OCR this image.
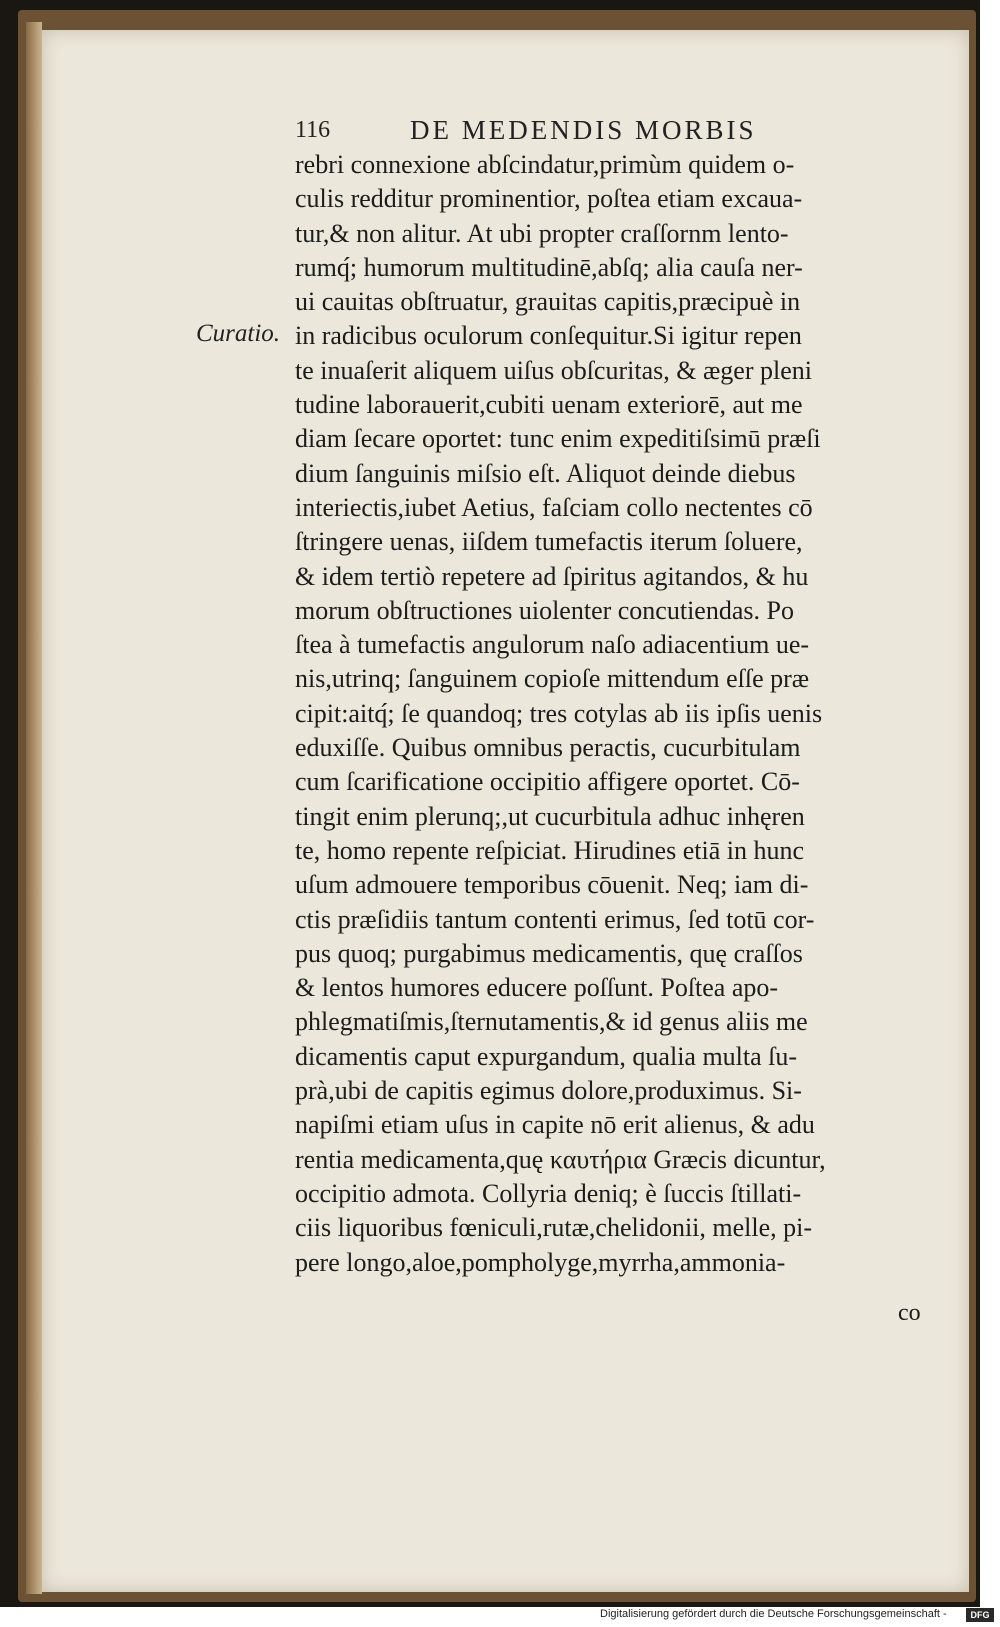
116	DE MEDENDIS MORBIS
Curatio.
rebri connexione abſcindatur,primùm quidem o-
culis redditur prominentior, poſtea etiam excaua-
tur,& non alitur. At ubi propter craſſornm lento-
rumq́; humorum multitudinē,abſq; alia cauſa ner-
ui cauitas obſtruatur, grauitas capitis,præcipuè in
in radicibus oculorum conſequitur.Si igitur repen
te inuaſerit aliquem uiſus obſcuritas, & æger pleni
tudine laborauerit,cubiti uenam exteriorē, aut me
diam ſecare oportet: tunc enim expeditiſsimū præſi
dium ſanguinis miſsio eſt. Aliquot deinde diebus
interiectis,iubet Aetius, faſciam collo nectentes cō
ſtringere uenas, iiſdem tumefactis iterum ſoluere,
& idem tertiò repetere ad ſpiritus agitandos, & hu
morum obſtructiones uiolenter concutiendas. Po
ſtea à tumefactis angulorum naſo adiacentium ue-
nis,utrinq; ſanguinem copioſe mittendum eſſe præ
cipit:aitq́; ſe quandoq; tres cotylas ab iis ipſis uenis
eduxiſſe. Quibus omnibus peractis, cucurbitulam
cum ſcarificatione occipitio affigere oportet. Cō-
tingit enim plerunq;,ut cucurbitula adhuc inhęren
te, homo repente reſpiciat. Hirudines etiā in hunc
uſum admouere temporibus cōuenit. Neq; iam di-
ctis præſidiis tantum contenti erimus, ſed totū cor-
pus quoq; purgabimus medicamentis, quę craſſos
& lentos humores educere poſſunt. Poſtea apo-
phlegmatiſmis,ſternutamentis,& id genus aliis me
dicamentis caput expurgandum, qualia multa ſu-
prà,ubi de capitis egimus dolore,produximus. Si-
napiſmi etiam uſus in capite nō erit alienus, & adu
rentia medicamenta,quę καυτήρια Græcis dicuntur,
occipitio admota. Collyria deniq; è ſuccis ſtillati-
ciis liquoribus fœniculi,rutæ,chelidonii, melle, pi-
pere longo,aloe,pompholyge,myrrha,ammonia-
co
Digitalisierung gefördert durch die Deutsche Forschungsgemeinschaft -	DFG
